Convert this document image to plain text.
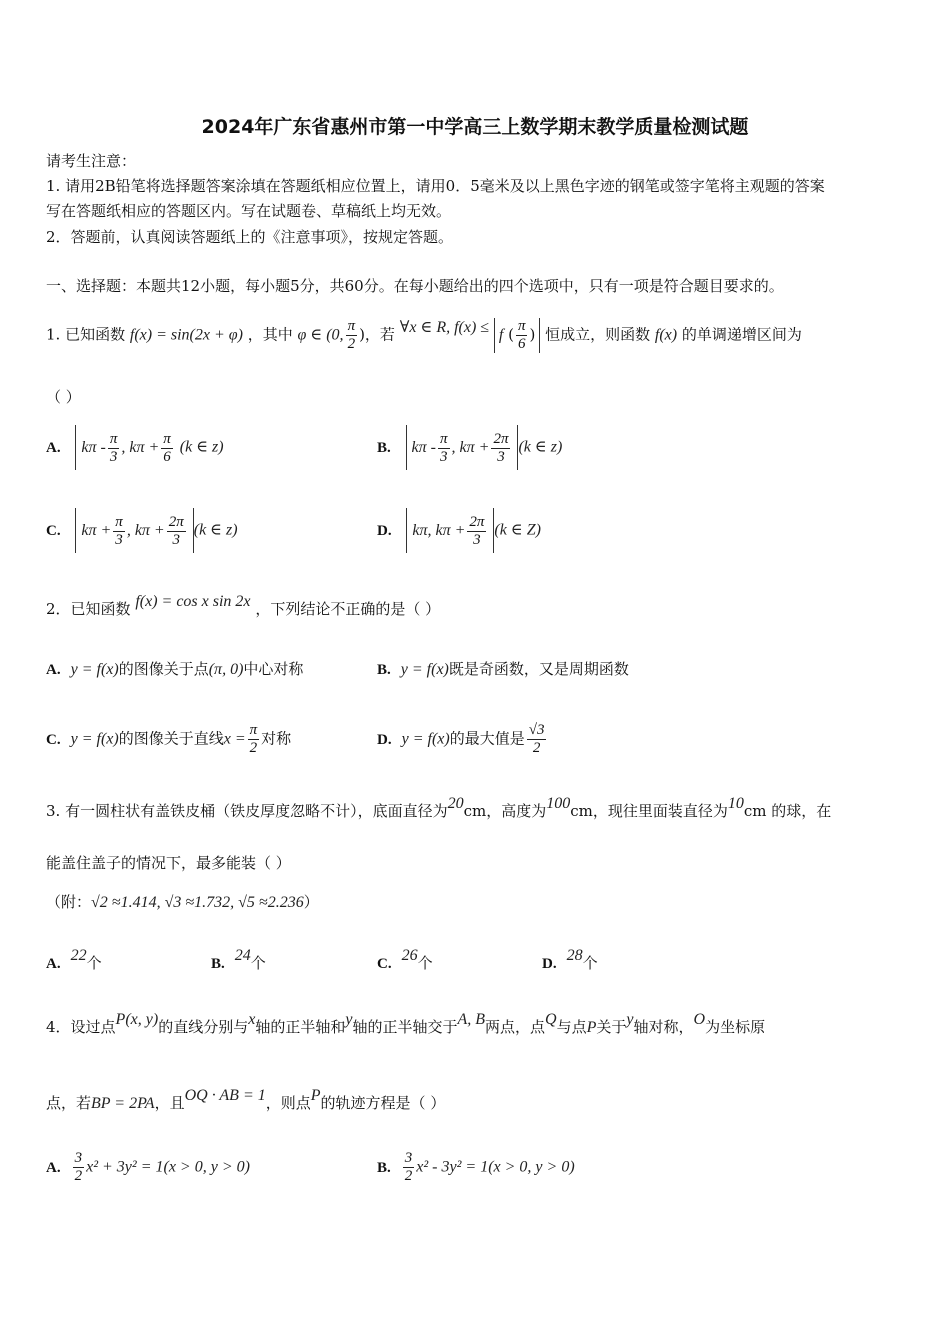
2024年广东省惠州市第一中学高三上数学期末教学质量检测试题
请考生注意：
1. 请用2B铅笔将选择题答案涂填在答题纸相应位置上，请用0．5毫米及以上黑色字迹的钢笔或签字笔将主观题的答案
写在答题纸相应的答题区内。写在试题卷、草稿纸上均无效。
2．答题前，认真阅读答题纸上的《注意事项》，按规定答题。
一、选择题：本题共12小题，每小题5分，共60分。在每小题给出的四个选项中，只有一项是符合题目要求的。
1. 已知函数 f(x) = sin(2x + φ) ，其中 φ ∈ (0, $\frac{\pi}{2}$ )，若 ∀x ∈ R, f(x) ≤ f ( $\frac{\pi}{6}$ ) 恒成立，则函数 f(x) 的单调递增区间为
（ ）
A. kπ - $\frac{\pi}{3}$ , $k\pi + \frac{\pi}{6} (k$ ∈ z)	B. kπ - $\frac{\pi}{3}$ , $k\pi + \frac{2\pi}{3} (k$ ∈ z)
C. $k\pi + \frac{\pi}{3}$ , $k\pi + \frac{2\pi}{3} (k$ ∈ z)	D. kπ, $k\pi + \frac{2\pi}{3} (k$ ∈ Z)
2．已知函数 f(x) = cos x sin 2x ，下列结论不正确的是（ ）
A. y = f(x)的图像关于点(π, 0)中心对称	B. y = f(x)既是奇函数，又是周期函数
C. y = f(x)的图像关于直线$x = \frac{\pi}{2}$ 对称	D. y = f(x)的最大值是 $\frac{√3}{2}$
3. 有一圆柱状有盖铁皮桶（铁皮厚度忽略不计），底面直径为20cm，高度为100cm，现往里面装直径为10cm 的球，在
能盖住盖子的情况下，最多能装（ ）
（附：√2 ≈1.414, √3 ≈1.732, √5 ≈2.236）
A. 22个	B. 24个	C. 26个	D. 28个
4．设过点P(x, y)的直线分别与x轴的正半轴和y轴的正半轴交于A, B两点，点Q与点P关于y轴对称，O为坐标原
点，若BP = 2PA，且OQ · AB = 1，则点P的轨迹方程是（ ）
A. $\frac{3}{2} x^2 + 3y^2 = 1(x > 0$, y > 0)	B. $\frac{3}{2} x^2 - 3y^2 = 1(x > 0$, y > 0)
